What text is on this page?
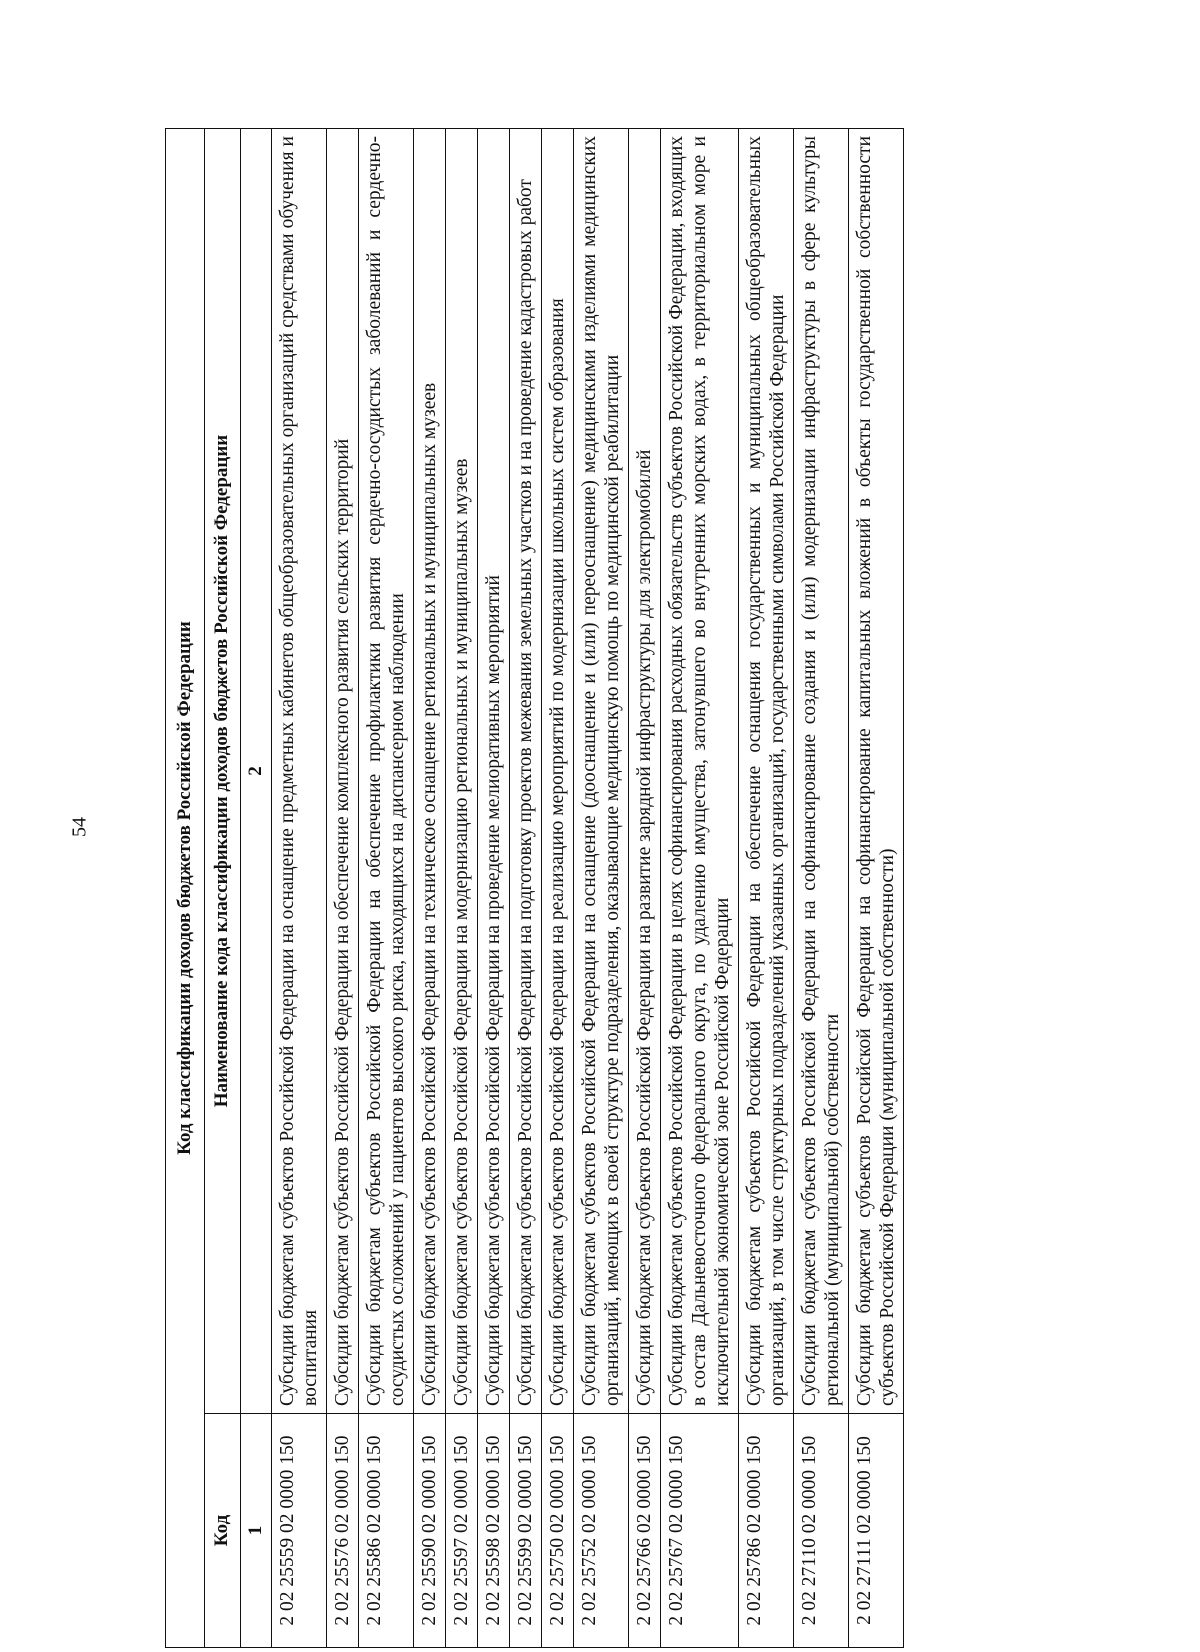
54	Код классификации доходов бюджетов Российской Федерации	
Код	Наименование кода классификации доходов бюджетов Российской Федерации
1	2
2 02 25559 02 0000 150	Субсидии бюджетам субъектов Российской Федерации на оснащение предметных кабинетов общеобразовательных организаций средствами обучения и воспитания
2 02 25576 02 0000 150	Субсидии бюджетам субъектов Российской Федерации на обеспечение комплексного развития сельских территорий
2 02 25586 02 0000 150	Субсидии бюджетам субъектов Российской Федерации на обеспечение профилактики развития сердечно-сосудистых заболеваний и сердечно-сосудистых осложнений у пациентов высокого риска, находящихся на диспансерном наблюдении
2 02 25590 02 0000 150	Субсидии бюджетам субъектов Российской Федерации на техническое оснащение региональных и муниципальных музеев
2 02 25597 02 0000 150	Субсидии бюджетам субъектов Российской Федерации на модернизацию региональных и муниципальных музеев
2 02 25598 02 0000 150	Субсидии бюджетам субъектов Российской Федерации на проведение мелиоративных мероприятий
2 02 25599 02 0000 150	Субсидии бюджетам субъектов Российской Федерации на подготовку проектов межевания земельных участков и на проведение кадастровых работ
2 02 25750 02 0000 150	Субсидии бюджетам субъектов Российской Федерации на реализацию мероприятий по модернизации школьных систем образования
2 02 25752 02 0000 150	Субсидии бюджетам субъектов Российской Федерации на оснащение (дооснащение и (или) переоснащение) медицинскими изделиями медицинских организаций, имеющих в своей структуре подразделения, оказывающие медицинскую помощь по медицинской реабилитации
2 02 25766 02 0000 150	Субсидии бюджетам субъектов Российской Федерации на развитие зарядной инфраструктуры для электромобилей
2 02 25767 02 0000 150	Субсидии бюджетам субъектов Российской Федерации в целях софинансирования расходных обязательств субъектов Российской Федерации, входящих в состав Дальневосточного федерального округа, по удалению имущества, затонувшего во внутренних морских водах, в территориальном море и исключительной экономической зоне Российской Федерации
2 02 25786 02 0000 150	Субсидии бюджетам субъектов Российской Федерации на обеспечение оснащения государственных и муниципальных общеобразовательных организаций, в том числе структурных подразделений указанных организаций, государственными символами Российской Федерации
2 02 27110 02 0000 150	Субсидии бюджетам субъектов Российской Федерации на софинансирование создания и (или) модернизации инфраструктуры в сфере культуры региональной (муниципальной) собственности
2 02 27111 02 0000 150	Субсидии бюджетам субъектов Российской Федерации на софинансирование капитальных вложений в объекты государственной собственности субъектов Российской Федерации (муниципальной собственности)
